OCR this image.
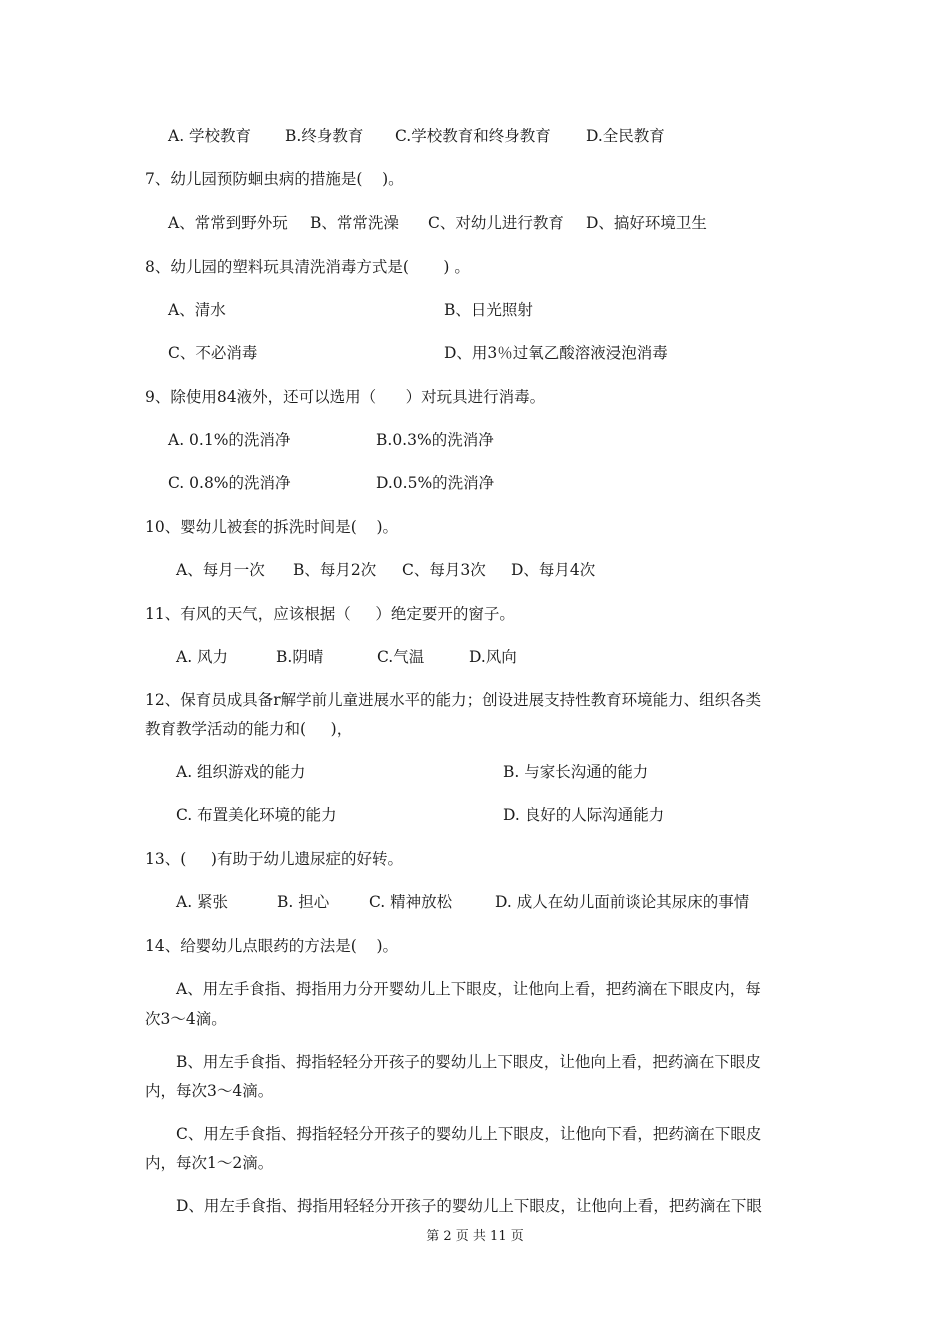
A. 学校教育 B.终身教育 C.学校教育和终身教育 D.全民教育
7、幼儿园预防蛔虫病的措施是(    )。
A、常常到野外玩 B、常常洗澡 C、对幼儿进行教育 D、搞好环境卫生
8、幼儿园的塑料玩具清洗消毒方式是(       ) 。
A、清水	B、日光照射
C、不必消毒	D、用3％过氧乙酸溶液浸泡消毒
9、除使用84液外，还可以选用（      ）对玩具进行消毒。
A. 0.1%的洗消净	B.0.3%的洗消净
C. 0.8%的洗消净	D.0.5%的洗消净
10、婴幼儿被套的拆洗时间是(    )。
A、每月一次 B、每月2次 C、每月3次 D、每月4次
11、有风的天气，应该根据（     ）绝定要开的窗子。
A. 风力	B.阴晴	C.气温	D.风向
12、保育员成具备r解学前儿童进展水平的能力；创设进展支持性教育环境能力、组织各类
教育教学活动的能力和(     )，
A. 组织游戏的能力	B. 与家长沟通的能力
C. 布置美化环境的能力	D. 良好的人际沟通能力
13、(     )有助于幼儿遗尿症的好转。
A. 紧张	B. 担心	C. 精神放松	D. 成人在幼儿面前谈论其尿床的事情
14、给婴幼儿点眼药的方法是(    )。
A、用左手食指、拇指用力分开婴幼儿上下眼皮，让他向上看，把药滴在下眼皮内，每
次3～4滴。
B、用左手食指、拇指轻轻分开孩子的婴幼儿上下眼皮，让他向上看，把药滴在下眼皮
内，每次3～4滴。
C、用左手食指、拇指轻轻分开孩子的婴幼儿上下眼皮，让他向下看，把药滴在下眼皮
内，每次1～2滴。
D、用左手食指、拇指用轻轻分开孩子的婴幼儿上下眼皮，让他向上看，把药滴在下眼
第 2 页 共 11 页
